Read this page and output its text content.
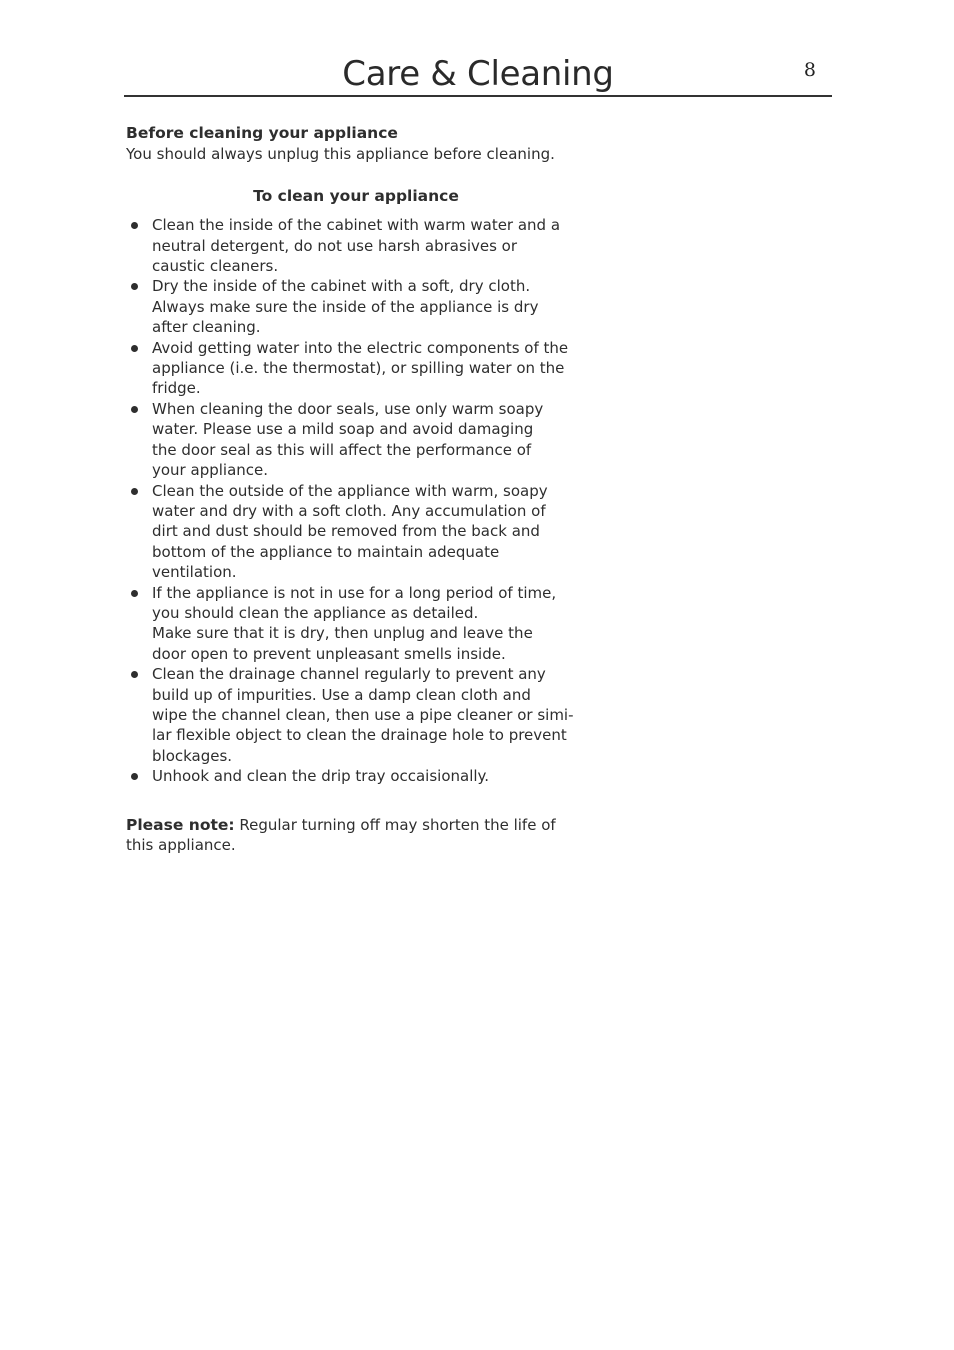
Care & Cleaning	8

Before cleaning your appliance

You should always unplug this appliance before cleaning.

To clean your appliance

Clean the inside of the cabinet with warm water and a
neutral detergent, do not use harsh abrasives or
caustic cleaners.
Dry the inside of the cabinet with a soft, dry cloth.
Always make sure the inside of the appliance is dry
after cleaning.
Avoid getting water into the electric components of the
appliance (i.e. the thermostat), or spilling water on the
fridge.
When cleaning the door seals, use only warm soapy
water. Please use a mild soap and avoid damaging
the door seal as this will affect the performance of
your appliance.
Clean the outside of the appliance with warm, soapy
water and dry with a soft cloth. Any accumulation of
dirt and dust should be removed from the back and
bottom of the appliance to maintain adequate
ventilation.
If the appliance is not in use for a long period of time,
you should clean the appliance as detailed.
Make sure that it is dry, then unplug and leave the
door open to prevent unpleasant smells inside.
Clean the drainage channel regularly to prevent any
build up of impurities. Use a damp clean cloth and
wipe the channel clean, then use a pipe cleaner or simi-
lar flexible object to clean the drainage hole to prevent
blockages.
Unhook and clean the drip tray occaisionally.

Please note: Regular turning off may shorten the life of
this appliance.
